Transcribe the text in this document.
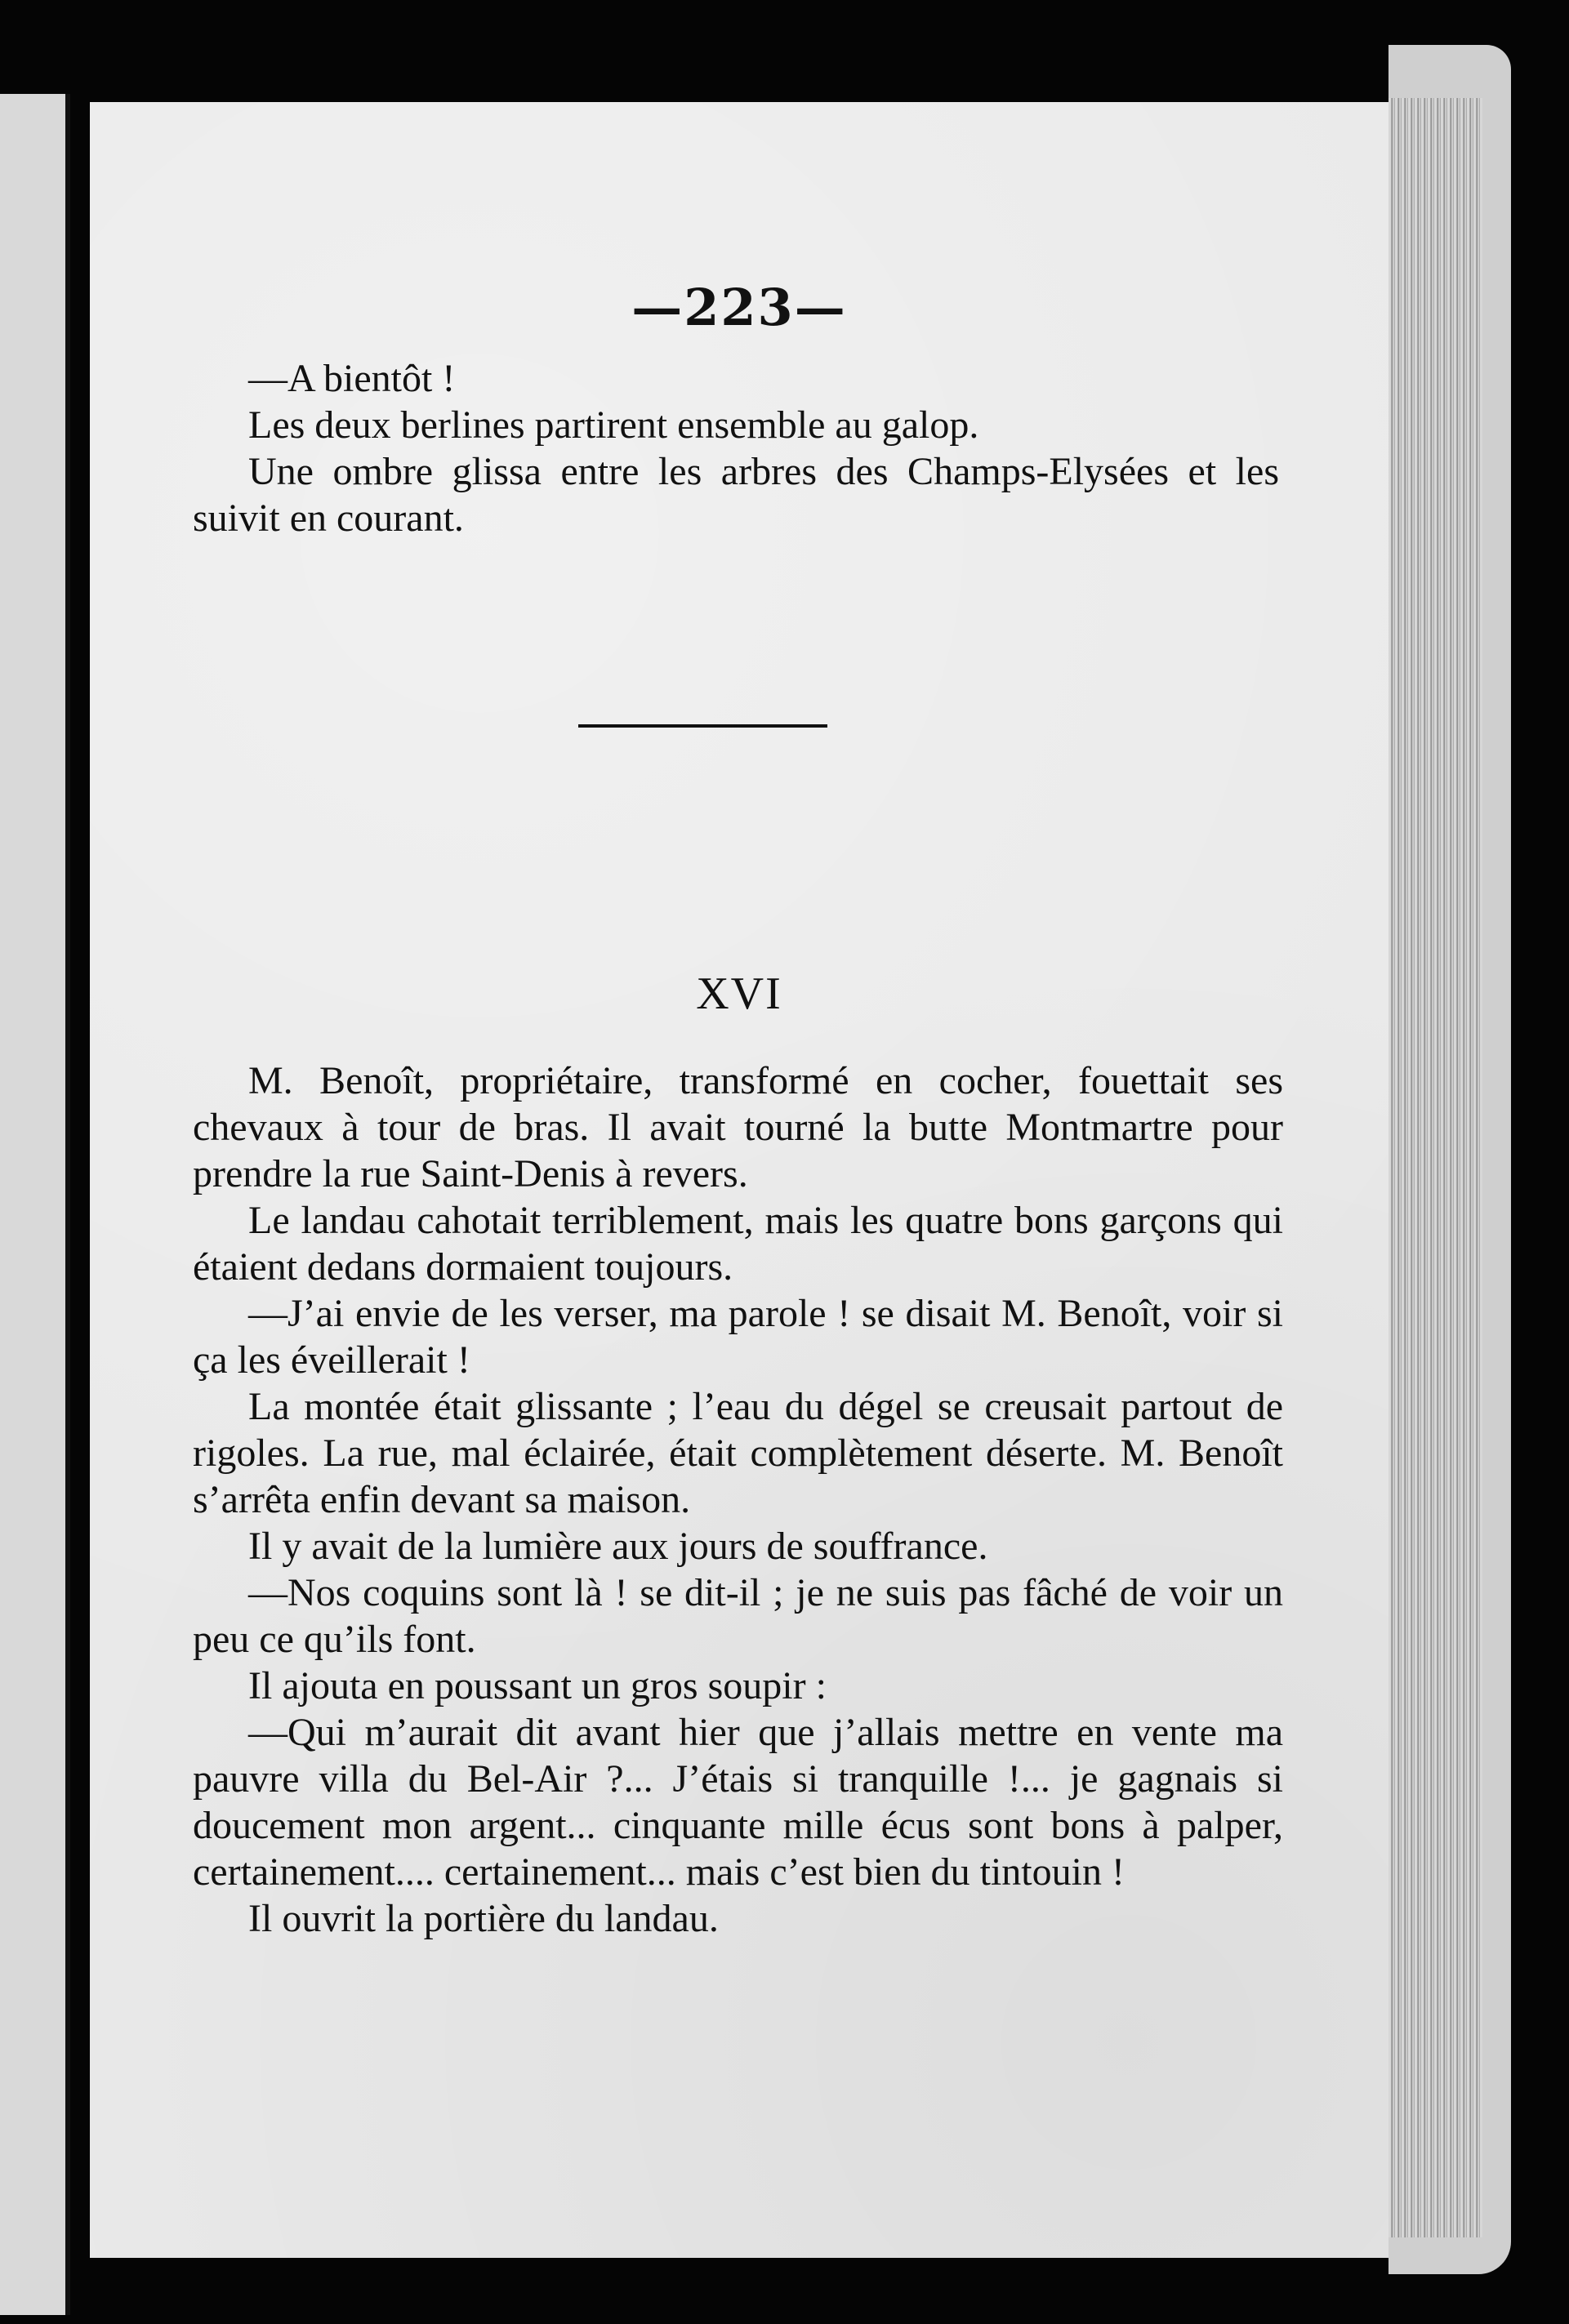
—223—

—A bientôt !

Les deux berlines partirent ensemble au galop.

Une ombre glissa entre les arbres des Champs-Elysées et les suivit en courant.

XVI

M. Benoît, propriétaire, transformé en cocher, fouettait ses chevaux à tour de bras. Il avait tourné la butte Montmartre pour prendre la rue Saint-Denis à revers.

Le landau cahotait terriblement, mais les quatre bons garçons qui étaient dedans dormaient toujours.

—J’ai envie de les verser, ma parole ! se disait M. Benoît, voir si ça les éveillerait !

La montée était glissante ; l’eau du dégel se creusait partout de rigoles. La rue, mal éclairée, était complètement déserte. M. Benoît s’arrêta enfin devant sa maison.

Il y avait de la lumière aux jours de souffrance.

—Nos coquins sont là ! se dit-il ; je ne suis pas fâché de voir un peu ce qu’ils font.

Il ajouta en poussant un gros soupir :

—Qui m’aurait dit avant hier que j’allais mettre en vente ma pauvre villa du Bel-Air ?... J’étais si tranquille !... je gagnais si doucement mon argent... cinquante mille écus sont bons à palper, certainement.... certainement... mais c’est bien du tintouin !

Il ouvrit la portière du landau.
